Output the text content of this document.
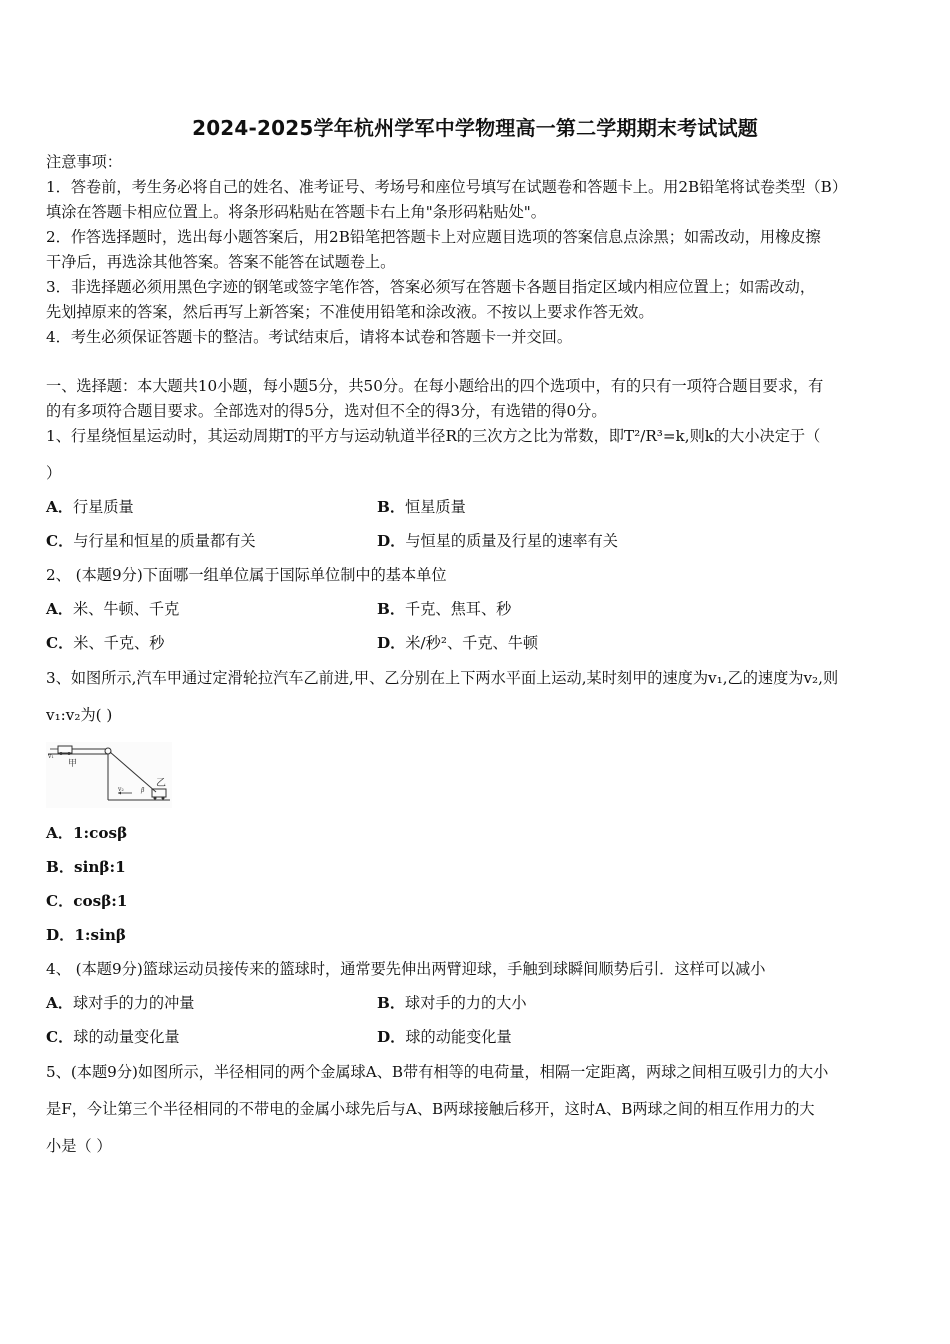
2024-2025学年杭州学军中学物理高一第二学期期末考试试题
注意事项：
1．答卷前，考生务必将自己的姓名、准考证号、考场号和座位号填写在试题卷和答题卡上。用2B铅笔将试卷类型（B）
填涂在答题卡相应位置上。将条形码粘贴在答题卡右上角"条形码粘贴处"。
2．作答选择题时，选出每小题答案后，用2B铅笔把答题卡上对应题目选项的答案信息点涂黑；如需改动，用橡皮擦
干净后，再选涂其他答案。答案不能答在试题卷上。
3．非选择题必须用黑色字迹的钢笔或签字笔作答，答案必须写在答题卡各题目指定区域内相应位置上；如需改动，
先划掉原来的答案，然后再写上新答案；不准使用铅笔和涂改液。不按以上要求作答无效。
4．考生必须保证答题卡的整洁。考试结束后，请将本试卷和答题卡一并交回。
一、选择题：本大题共10小题，每小题5分，共50分。在每小题给出的四个选项中，有的只有一项符合题目要求，有
的有多项符合题目要求。全部选对的得5分，选对但不全的得3分，有选错的得0分。
1、行星绕恒星运动时，其运动周期T的平方与运动轨道半径R的三次方之比为常数，即T²/R³=k,则k的大小决定于（
）
A．行星质量	B．恒星质量
C．与行星和恒星的质量都有关	D．与恒星的质量及行星的速率有关
2、 (本题9分)下面哪一组单位属于国际单位制中的基本单位
A．米、牛顿、千克	B．千克、焦耳、秒
C．米、千克、秒	D．米/秒²、千克、牛顿
3、如图所示,汽车甲通过定滑轮拉汽车乙前进,甲、乙分别在上下两水平面上运动,某时刻甲的速度为v₁,乙的速度为v₂,则
v₁:v₂为( )
v₁
甲
乙
v₂	β
A．1:cosβ
B．sinβ:1
C．cosβ:1
D．1:sinβ
4、 (本题9分)篮球运动员接传来的篮球时，通常要先伸出两臂迎球，手触到球瞬间顺势后引．这样可以减小
A．球对手的力的冲量	B．球对手的力的大小
C．球的动量变化量	D．球的动能变化量
5、(本题9分)如图所示，半径相同的两个金属球A、B带有相等的电荷量，相隔一定距离，两球之间相互吸引力的大小
是F，今让第三个半径相同的不带电的金属小球先后与A、B两球接触后移开，这时A、B两球之间的相互作用力的大
小是（ ）
